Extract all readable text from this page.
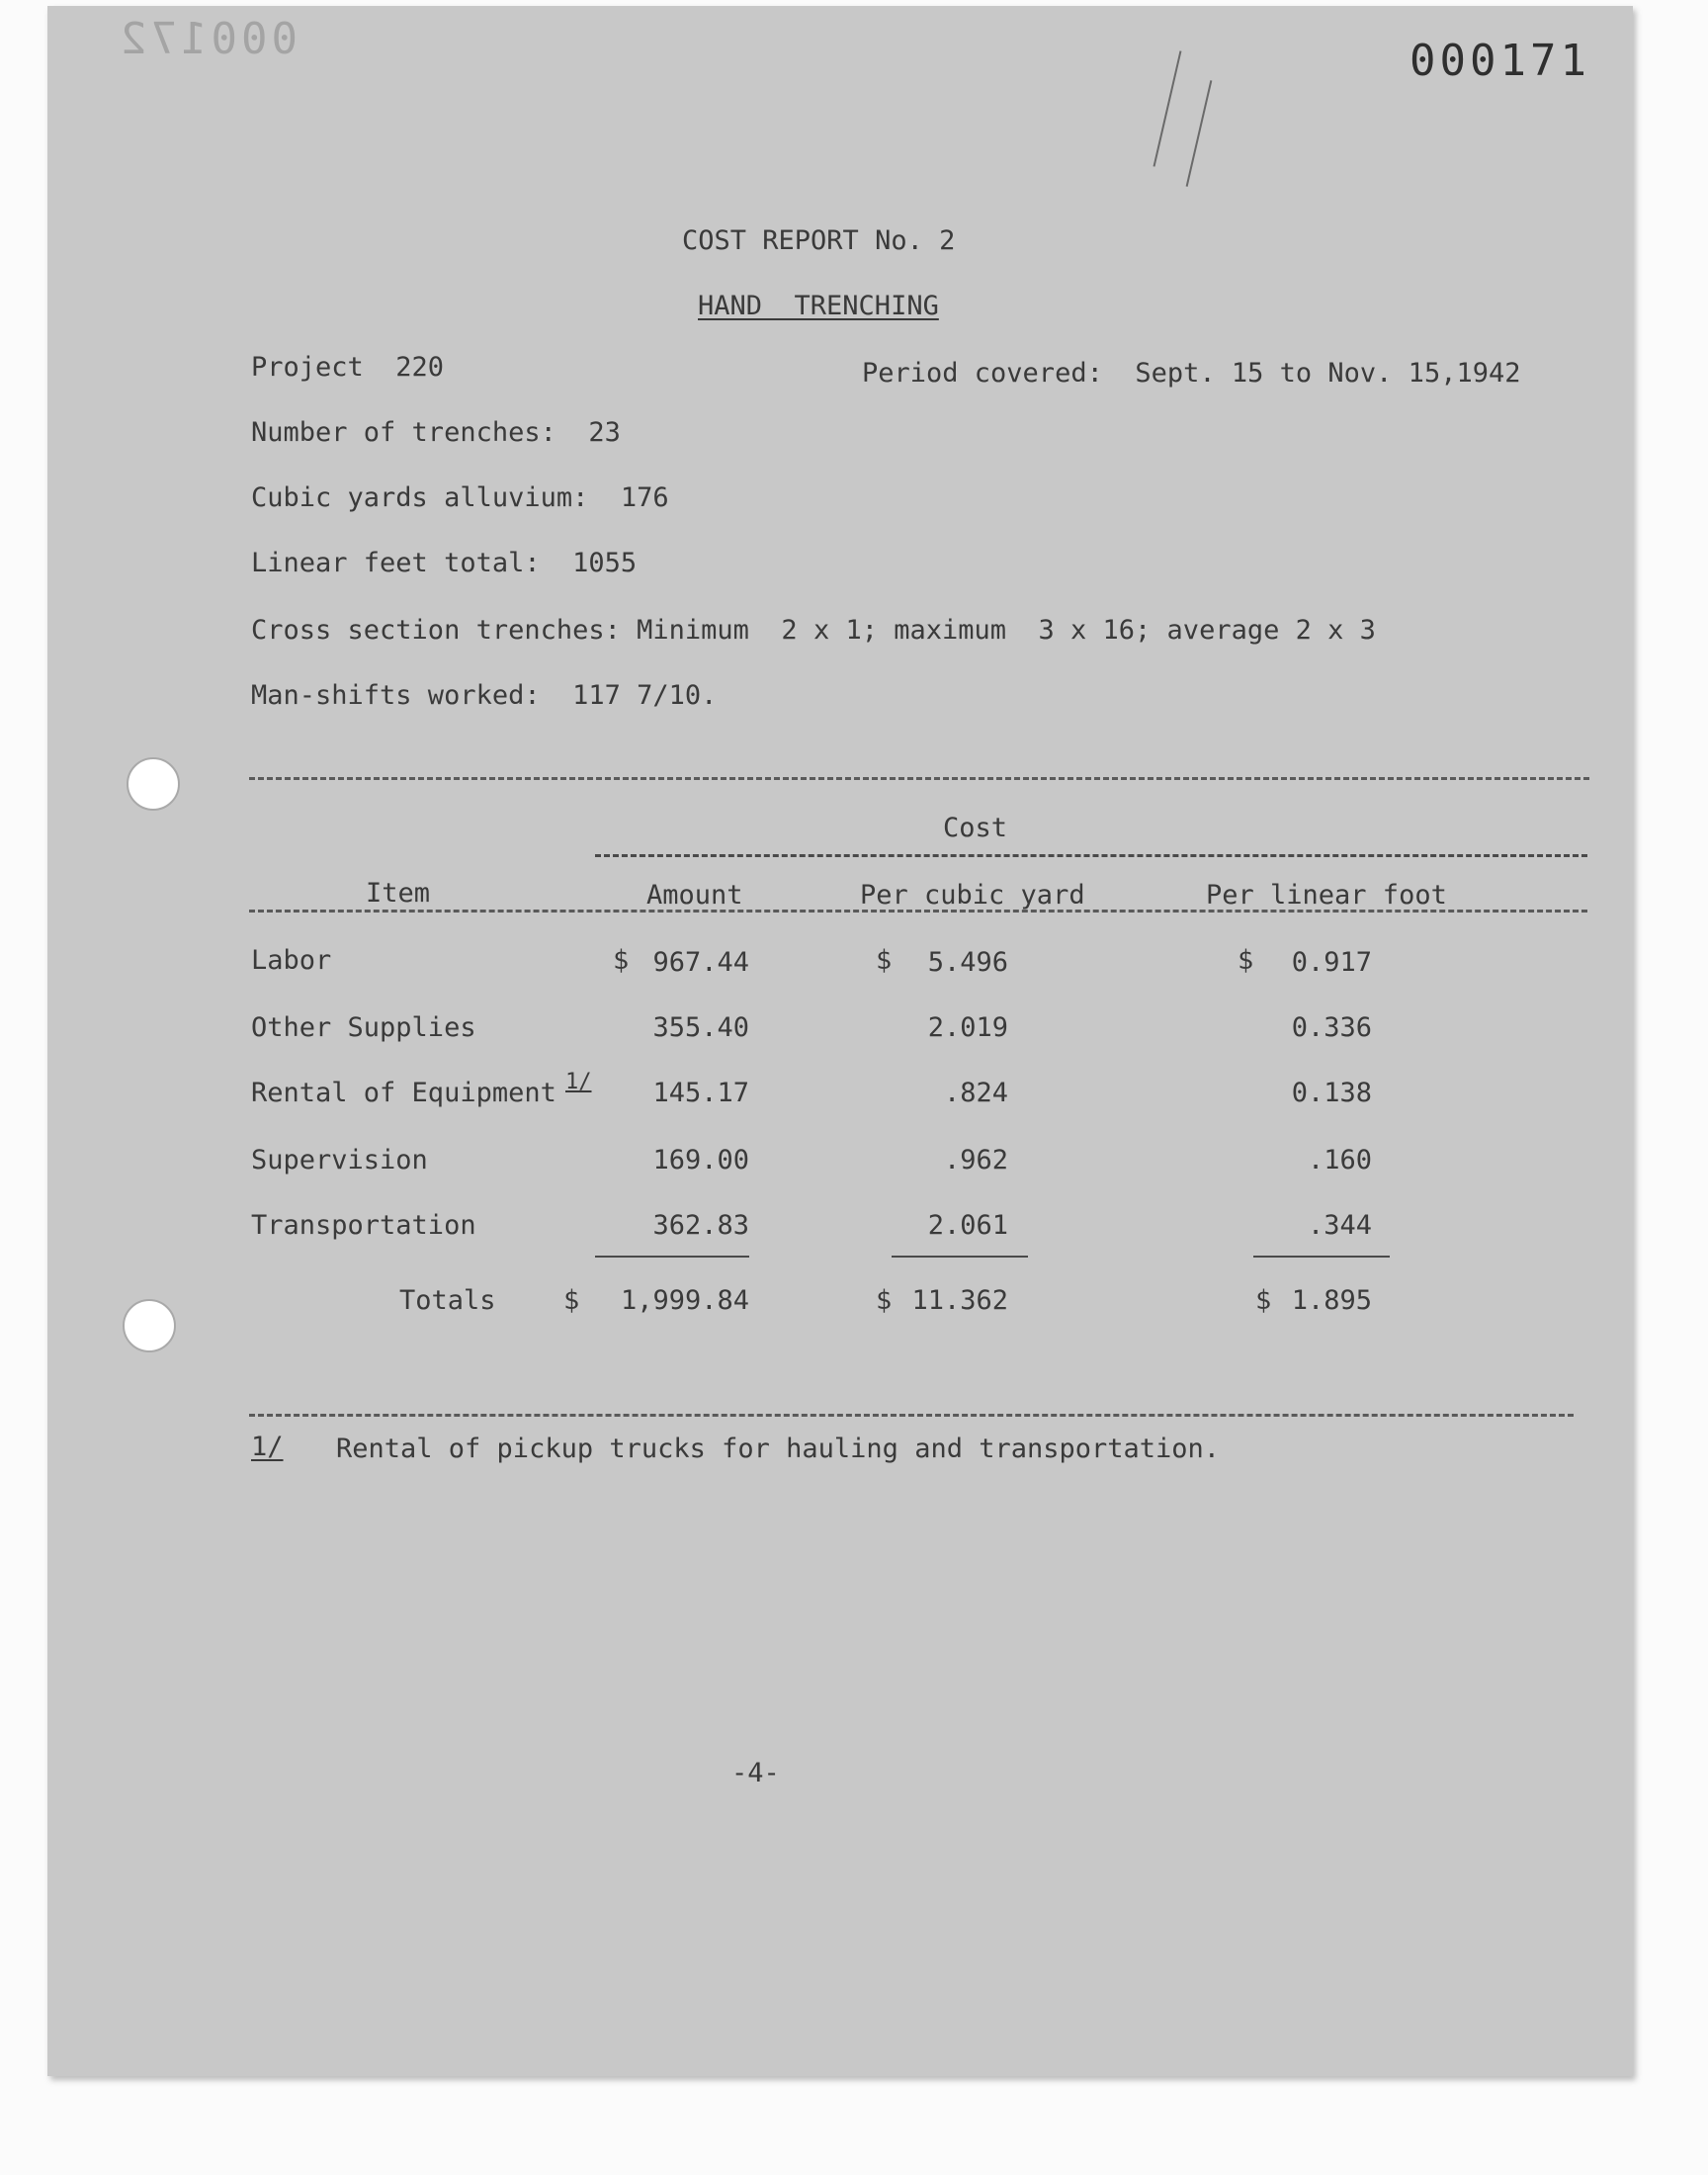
000172	000171
COST REPORT No. 2
HAND  TRENCHING
Project  220	Period covered:  Sept. 15 to Nov. 15,1942
Number of trenches:  23
Cubic yards alluvium:  176
Linear feet total:  1055
Cross section trenches: Minimum  2 x 1; maximum  3 x 16; average 2 x 3
Man-shifts worked:  117 7/10.
Cost
Item	Amount	Per cubic yard	Per linear foot
Labor	$ 967.44	$	5.496	$	0.917
Other Supplies	355.40	2.019	0.336
Rental of Equipment 1/	145.17	.824	0.138
Supervision	169.00	.962	.160
Transportation	362.83	2.061	.344
Totals	$	1,999.84	$ 11.362	$ 1.895
1/ Rental of pickup trucks for hauling and transportation.
-4-
